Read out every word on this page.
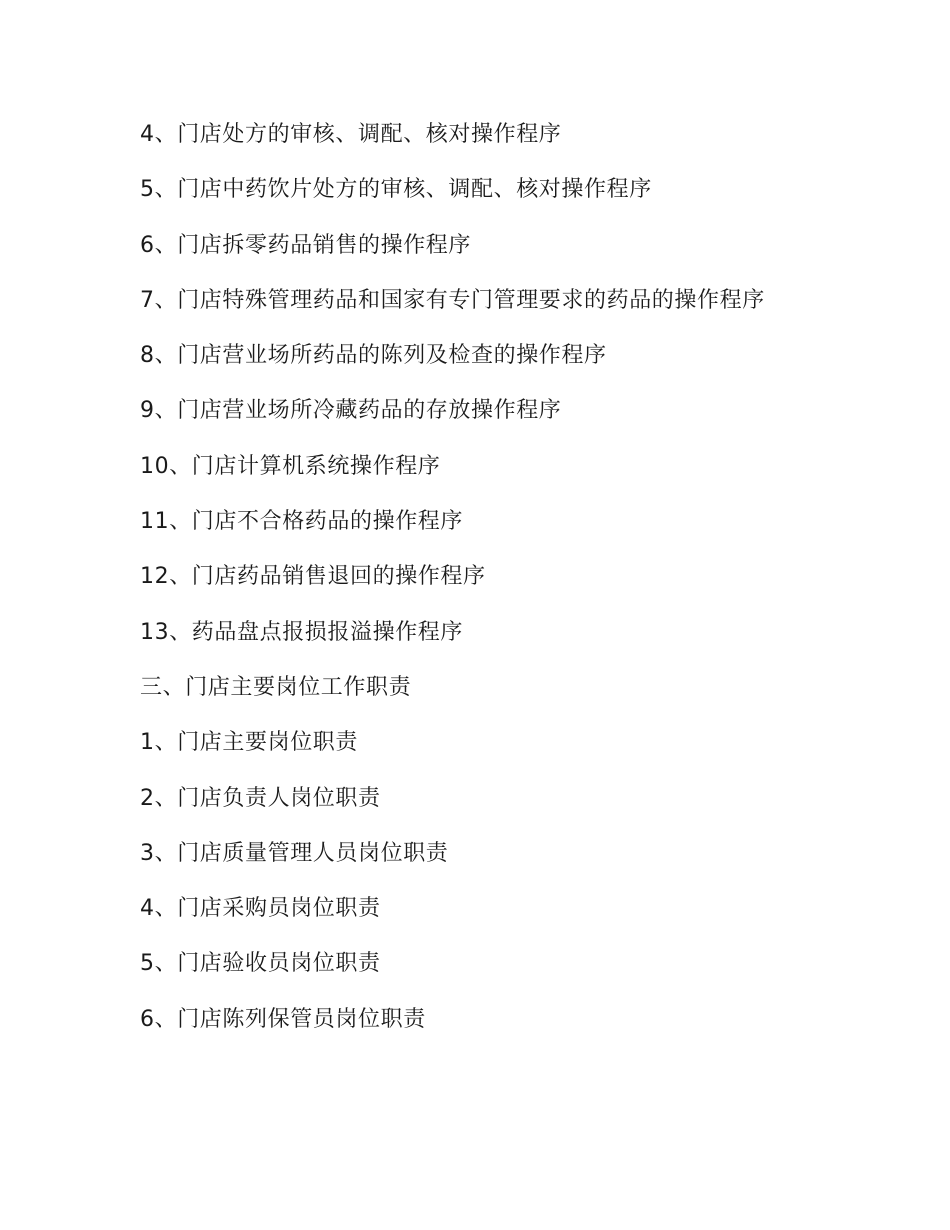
4、门店处方的审核、调配、核对操作程序

5、门店中药饮片处方的审核、调配、核对操作程序

6、门店拆零药品销售的操作程序

7、门店特殊管理药品和国家有专门管理要求的药品的操作程序

8、门店营业场所药品的陈列及检查的操作程序

9、门店营业场所冷藏药品的存放操作程序

10、门店计算机系统操作程序

11、门店不合格药品的操作程序

12、门店药品销售退回的操作程序

13、药品盘点报损报溢操作程序

三、门店主要岗位工作职责

1、门店主要岗位职责

2、门店负责人岗位职责

3、门店质量管理人员岗位职责

4、门店采购员岗位职责

5、门店验收员岗位职责

6、门店陈列保管员岗位职责
